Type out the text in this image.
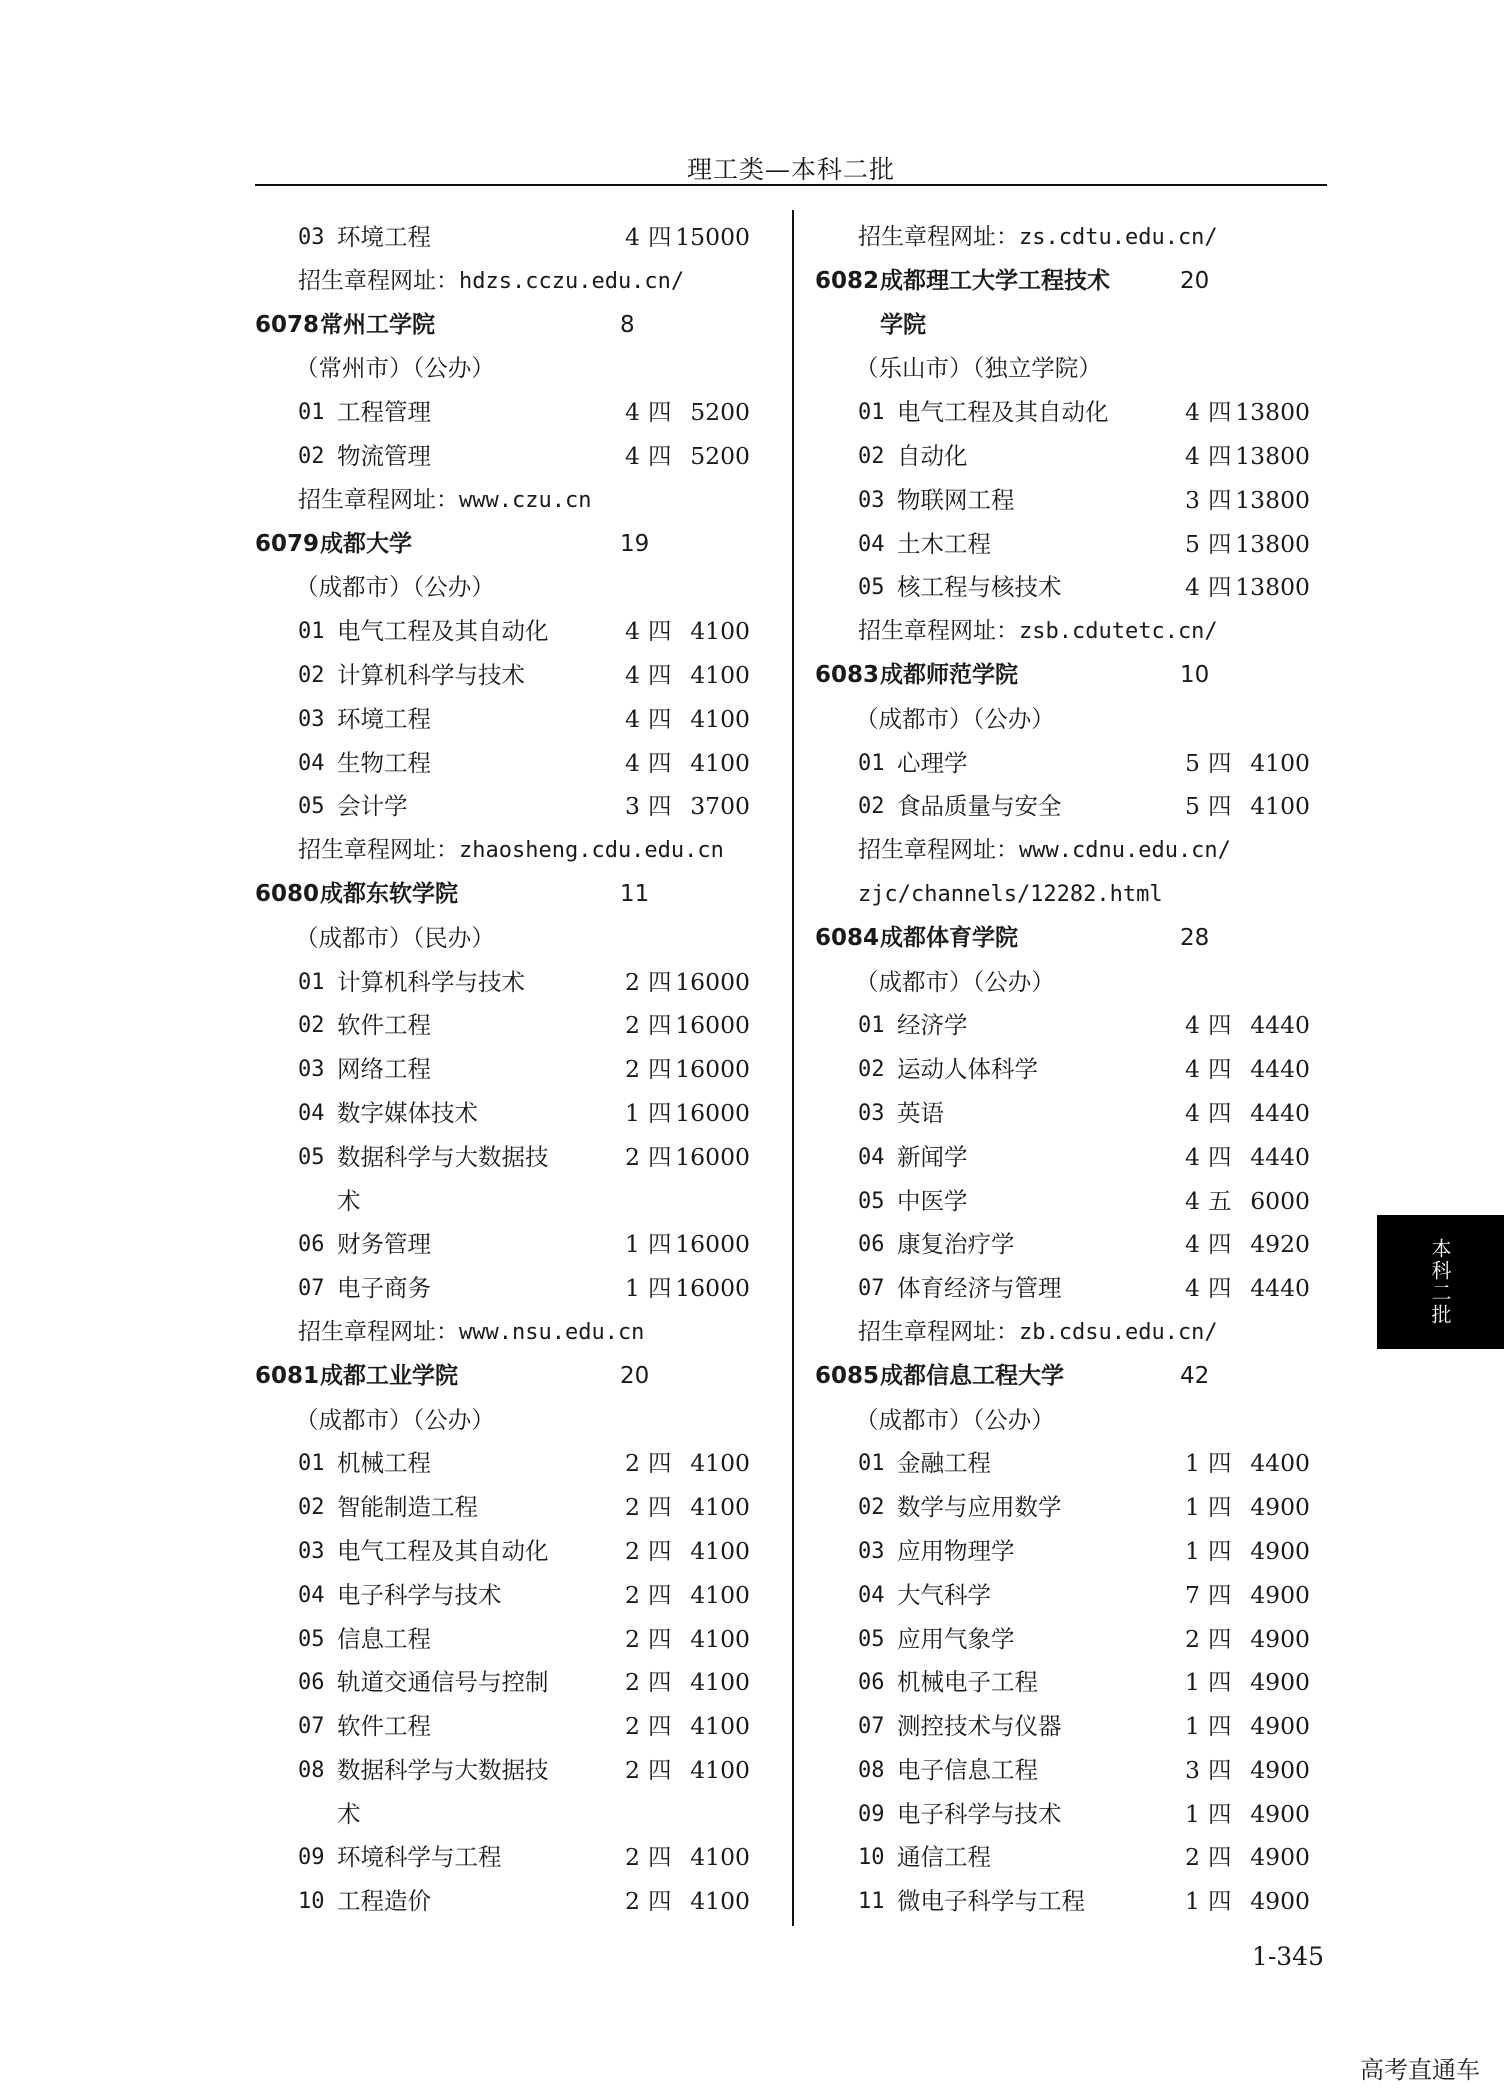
理工类—本科二批
03 环境工程	4 四 15000
招生章程网址：hdzs.cczu.edu.cn/
6078 常州工学院	8
（常州市）（公办）
01 工程管理	4 四 5200
02 物流管理	4 四 5200
招生章程网址：www.czu.cn
6079 成都大学	19
（成都市）（公办）
01 电气工程及其自动化	4 四 4100
02 计算机科学与技术	4 四 4100
03 环境工程	4 四 4100
04 生物工程	4 四 4100
05 会计学	3 四 3700
招生章程网址：zhaosheng.cdu.edu.cn
6080 成都东软学院	11
（成都市）（民办）
01 计算机科学与技术	2 四 16000
02 软件工程	2 四 16000
03 网络工程	2 四 16000
04 数字媒体技术	1 四 16000
05 数据科学与大数据技	2 四 16000
术
06 财务管理	1 四 16000
07 电子商务	1 四 16000
招生章程网址：www.nsu.edu.cn
6081 成都工业学院	20
（成都市）（公办）
01 机械工程	2 四 4100
02 智能制造工程	2 四 4100
03 电气工程及其自动化	2 四 4100
04 电子科学与技术	2 四 4100
05 信息工程	2 四 4100
06 轨道交通信号与控制	2 四 4100
07 软件工程	2 四 4100
08 数据科学与大数据技	2 四 4100
术
09 环境科学与工程	2 四 4100
10 工程造价	2 四 4100
招生章程网址：zs.cdtu.edu.cn/
6082 成都理工大学工程技术	20
学院
（乐山市）（独立学院）
01 电气工程及其自动化	4 四 13800
02 自动化	4 四 13800
03 物联网工程	3 四 13800
04 土木工程	5 四 13800
05 核工程与核技术	4 四 13800
招生章程网址：zsb.cdutetc.cn/
6083 成都师范学院	10
（成都市）（公办）
01 心理学	5 四 4100
02 食品质量与安全	5 四 4100
招生章程网址：www.cdnu.edu.cn/
zjc/channels/12282.html
6084 成都体育学院	28
（成都市）（公办）
01 经济学	4 四 4440
02 运动人体科学	4 四 4440
03 英语	4 四 4440
04 新闻学	4 四 4440
05 中医学	4 五 6000
06 康复治疗学	4 四 4920
07 体育经济与管理	4 四 4440
招生章程网址：zb.cdsu.edu.cn/
6085 成都信息工程大学	42
（成都市）（公办）
01 金融工程	1 四 4400
02 数学与应用数学	1 四 4900
03 应用物理学	1 四 4900
04 大气科学	7 四 4900
05 应用气象学	2 四 4900
06 机械电子工程	1 四 4900
07 测控技术与仪器	1 四 4900
08 电子信息工程	3 四 4900
09 电子科学与技术	1 四 4900
10 通信工程	2 四 4900
11 微电子科学与工程	1 四 4900
本科二批
1-345
高考直通车
